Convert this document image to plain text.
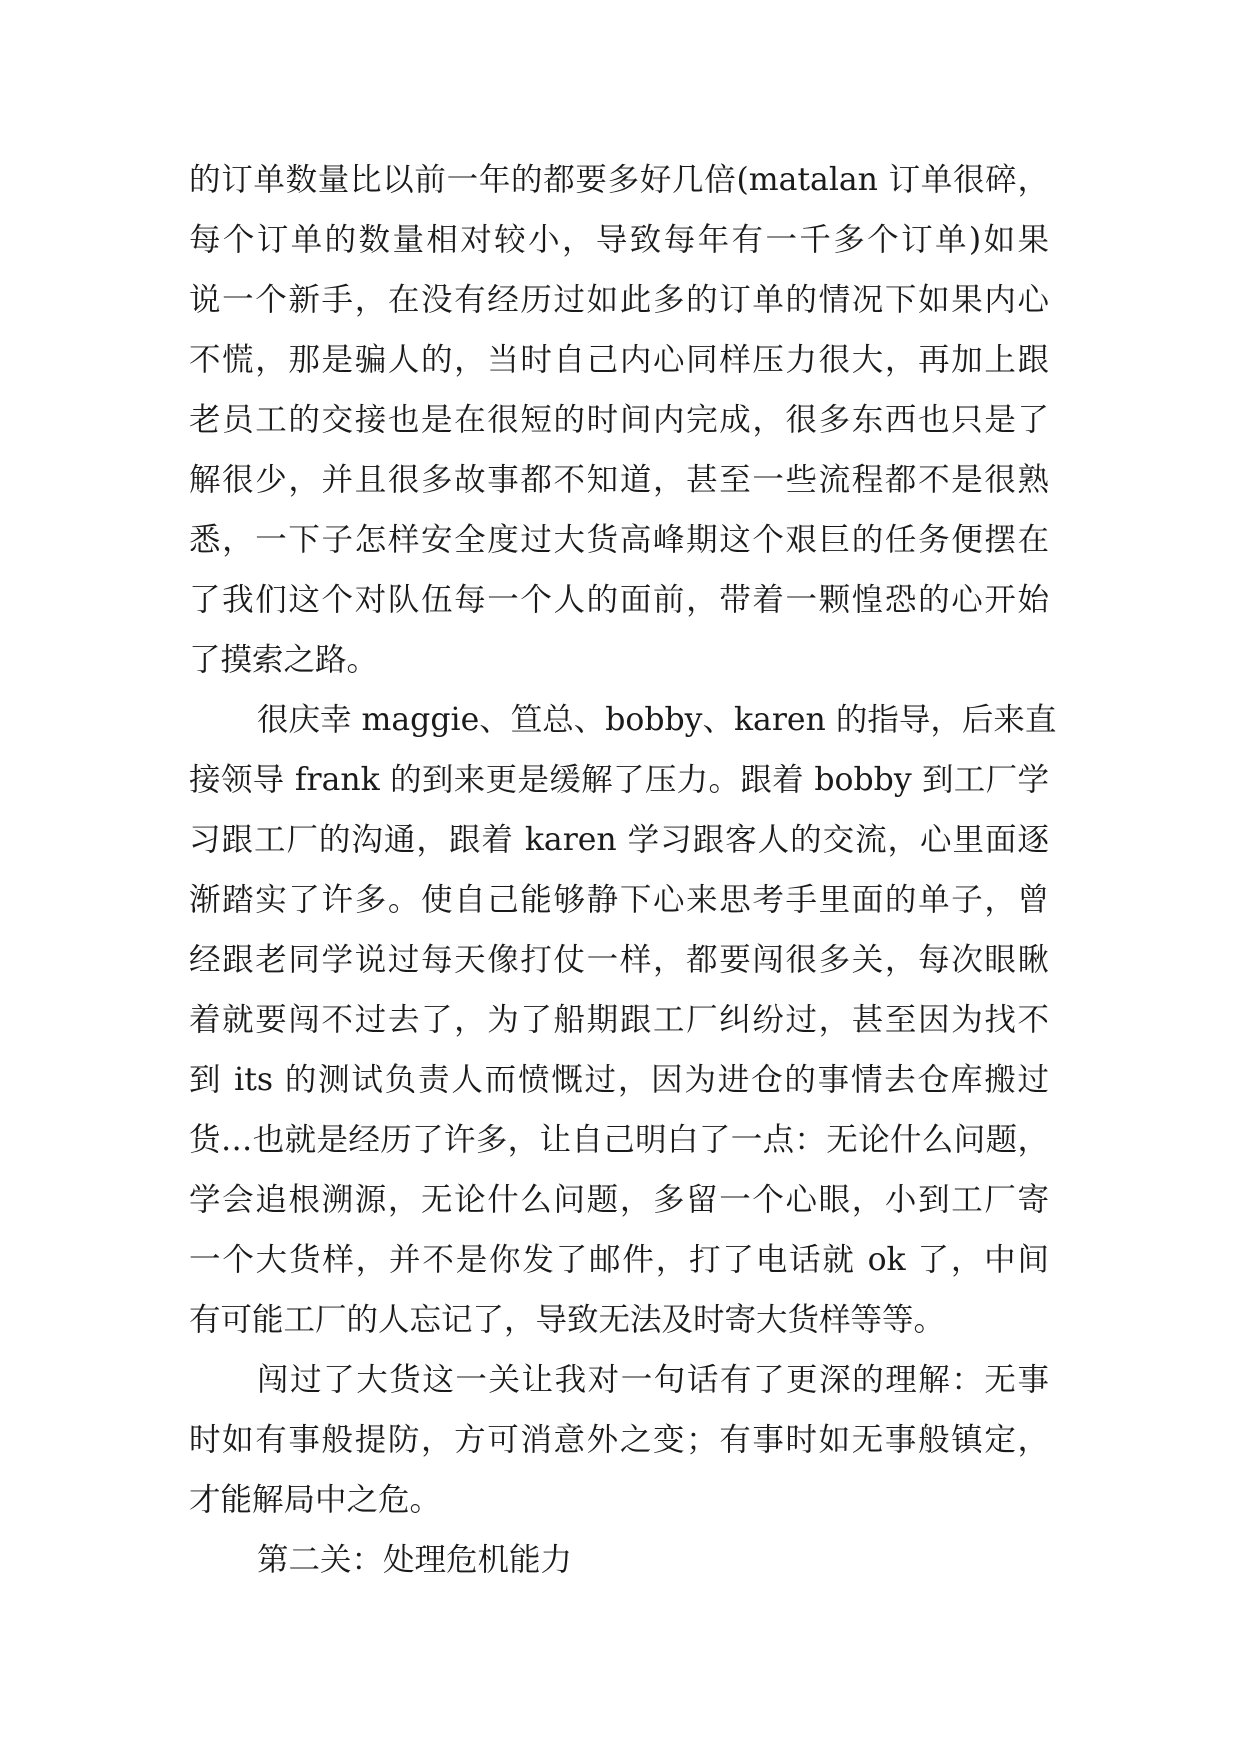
的订单数量比以前一年的都要多好几倍(matalan 订单很碎，
每个订单的数量相对较小，导致每年有一千多个订单)如果
说一个新手，在没有经历过如此多的订单的情况下如果内心
不慌，那是骗人的，当时自己内心同样压力很大，再加上跟
老员工的交接也是在很短的时间内完成，很多东西也只是了
解很少，并且很多故事都不知道，甚至一些流程都不是很熟
悉，一下子怎样安全度过大货高峰期这个艰巨的任务便摆在
了我们这个对队伍每一个人的面前，带着一颗惶恐的心开始
了摸索之路。
很庆幸 maggie、笪总、bobby、karen 的指导，后来直
接领导 frank 的到来更是缓解了压力。跟着 bobby 到工厂学
习跟工厂的沟通，跟着 karen 学习跟客人的交流，心里面逐
渐踏实了许多。使自己能够静下心来思考手里面的单子，曾
经跟老同学说过每天像打仗一样，都要闯很多关，每次眼瞅
着就要闯不过去了，为了船期跟工厂纠纷过，甚至因为找不
到 its 的测试负责人而愤慨过，因为进仓的事情去仓库搬过
货…也就是经历了许多，让自己明白了一点：无论什么问题，
学会追根溯源，无论什么问题，多留一个心眼，小到工厂寄
一个大货样，并不是你发了邮件，打了电话就 ok 了，中间
有可能工厂的人忘记了，导致无法及时寄大货样等等。
闯过了大货这一关让我对一句话有了更深的理解：无事
时如有事般提防，方可消意外之变；有事时如无事般镇定，
才能解局中之危。
第二关：处理危机能力
